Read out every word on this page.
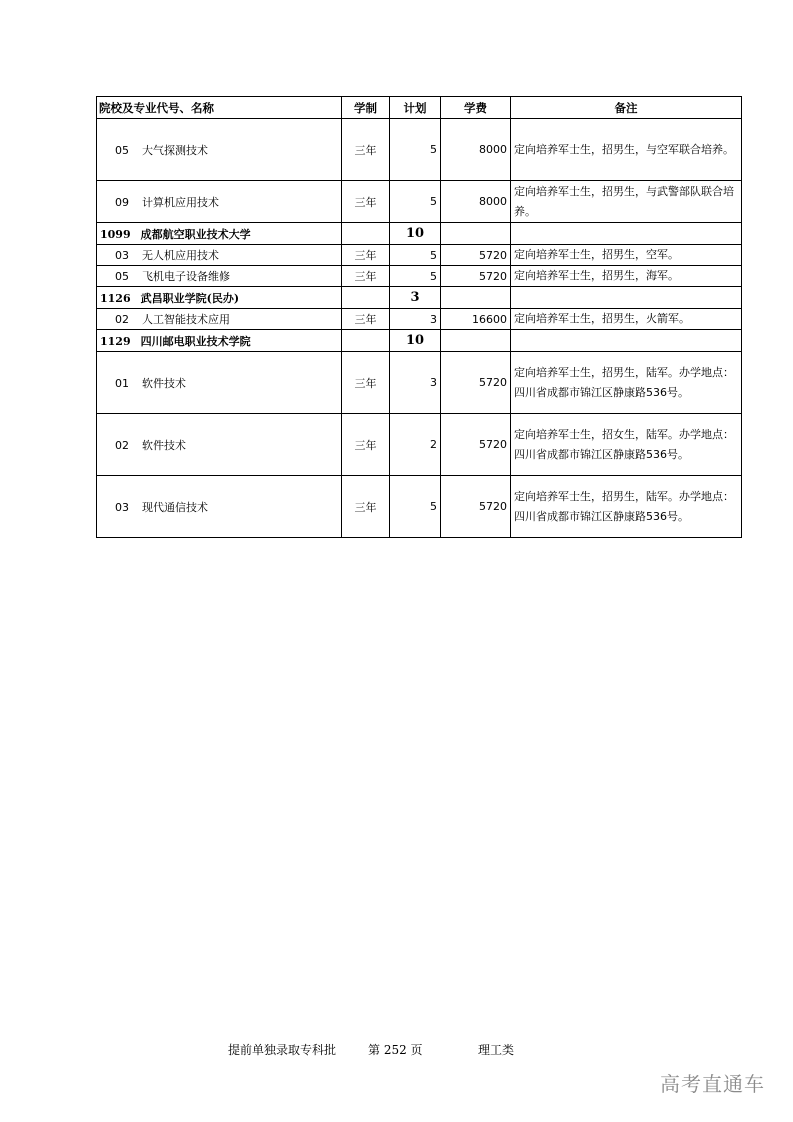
院校及专业代号、名称	学制	计划	学费	备注
05 大气探测技术	三年	5	8000	定向培养军士生，招男生，与空军联合培养。
09 计算机应用技术	三年	5	8000	定向培养军士生，招男生，与武警部队联合培养。
1099 成都航空职业技术大学		10		
03 无人机应用技术	三年	5	5720	定向培养军士生，招男生，空军。
05 飞机电子设备维修	三年	5	5720	定向培养军士生，招男生，海军。
1126 武昌职业学院(民办)		3		
02 人工智能技术应用	三年	3	16600	定向培养军士生，招男生，火箭军。
1129 四川邮电职业技术学院		10		
01 软件技术	三年	3	5720	定向培养军士生，招男生，陆军。办学地点：四川省成都市锦江区静康路536号。
02 软件技术	三年	2	5720	定向培养军士生，招女生，陆军。办学地点：四川省成都市锦江区静康路536号。
03 现代通信技术	三年	5	5720	定向培养军士生，招男生，陆军。办学地点：四川省成都市锦江区静康路536号。
提前单独录取专科批	第 252 页	理工类
高考直通车
